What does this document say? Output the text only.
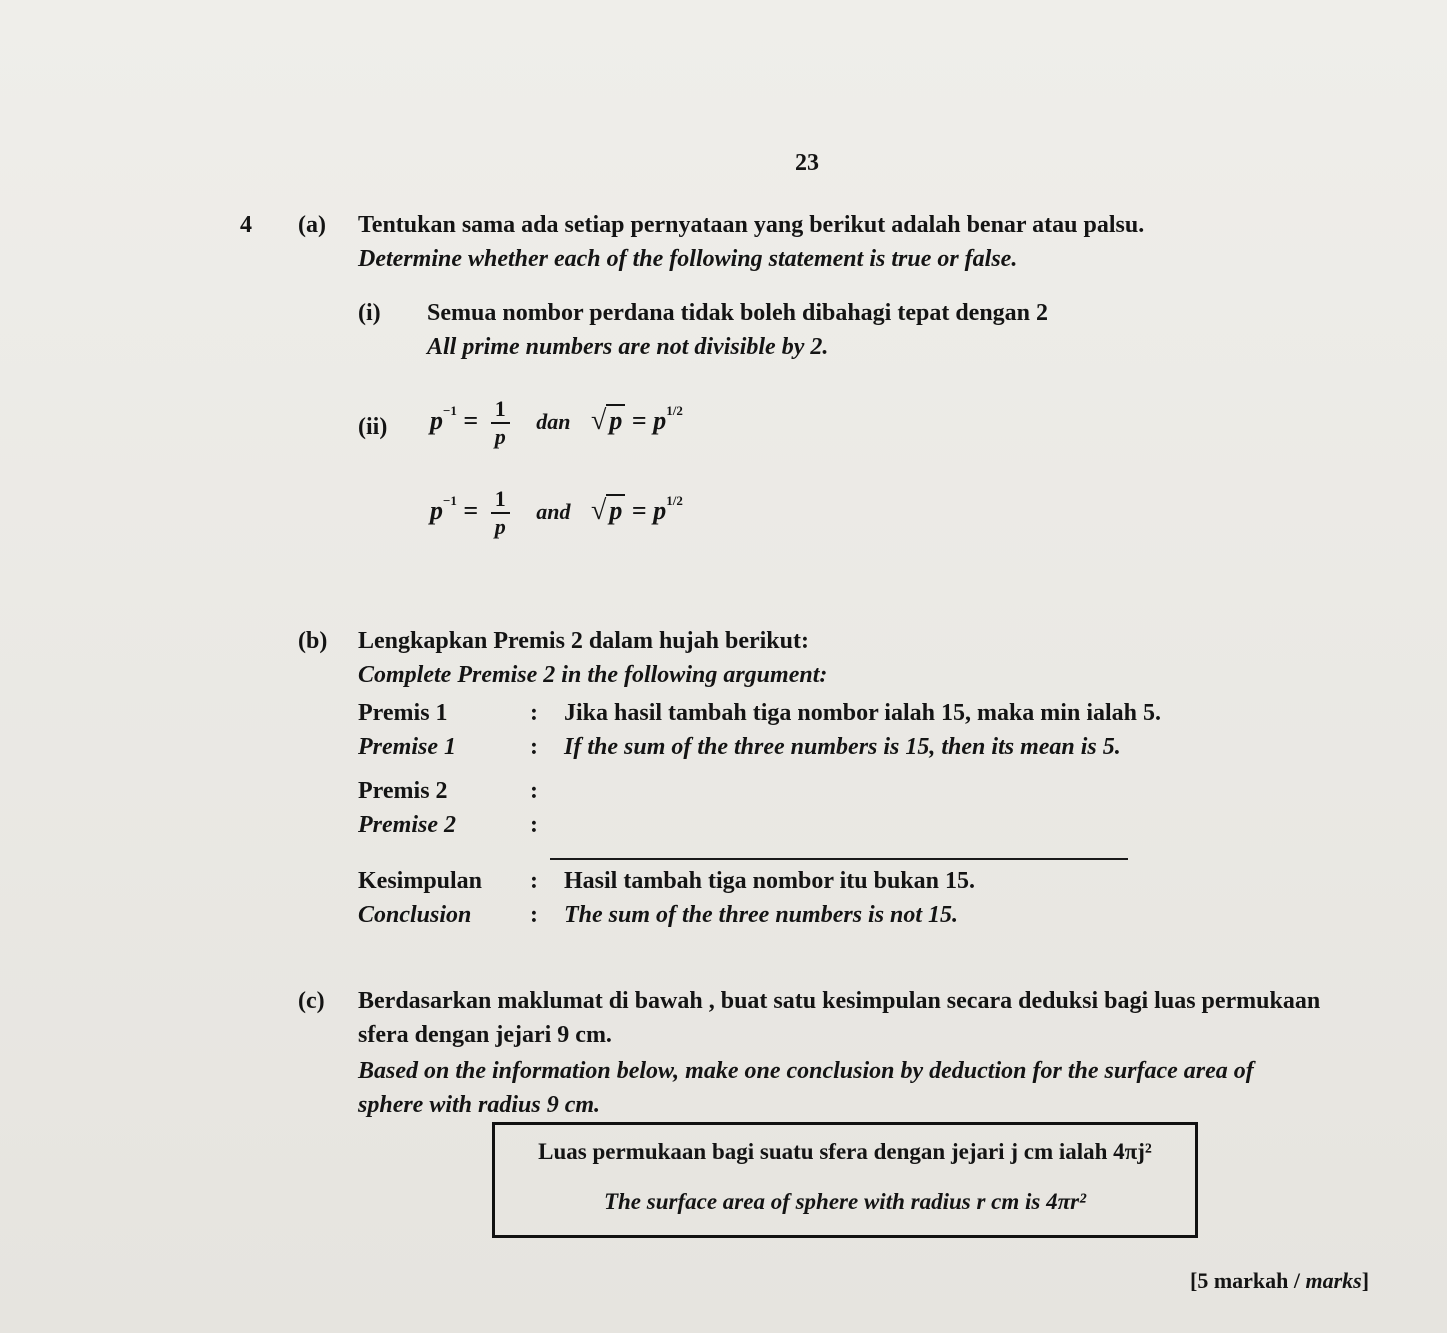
23
4 (a) Tentukan sama ada setiap pernyataan yang berikut adalah benar atau palsu.
Determine whether each of the following statement is true or false.
(i) Semua nombor perdana tidak boleh dibahagi tepat dengan 2
All prime numbers are not divisible by 2.
(ii) $p^{-1} = \frac{1}{p}$ dan √ $p = p^{1/2}$
$p^{-1} = \frac{1}{p}$ and √ $p = p^{1/2}$
(b) Lengkapkan Premis 2 dalam hujah berikut:
Complete Premise 2 in the following argument:
Premis 1	: Jika hasil tambah tiga nombor ialah 15, maka min ialah 5.
Premise 1	: If the sum of the three numbers is 15, then its mean is 5.
Premis 2	:
Premise 2	:
Kesimpulan : Hasil tambah tiga nombor itu bukan 15.
Conclusion : The sum of the three numbers is not 15.
(c) Berdasarkan maklumat di bawah , buat satu kesimpulan secara deduksi bagi luas permukaan
sfera dengan jejari 9 cm.
Based on the information below, make one conclusion by deduction for the surface area of
sphere with radius 9 cm.
Luas permukaan bagi suatu sfera dengan jejari j cm ialah 4πj²
The surface area of sphere with radius r cm is 4πr²
[5 markah / marks]
